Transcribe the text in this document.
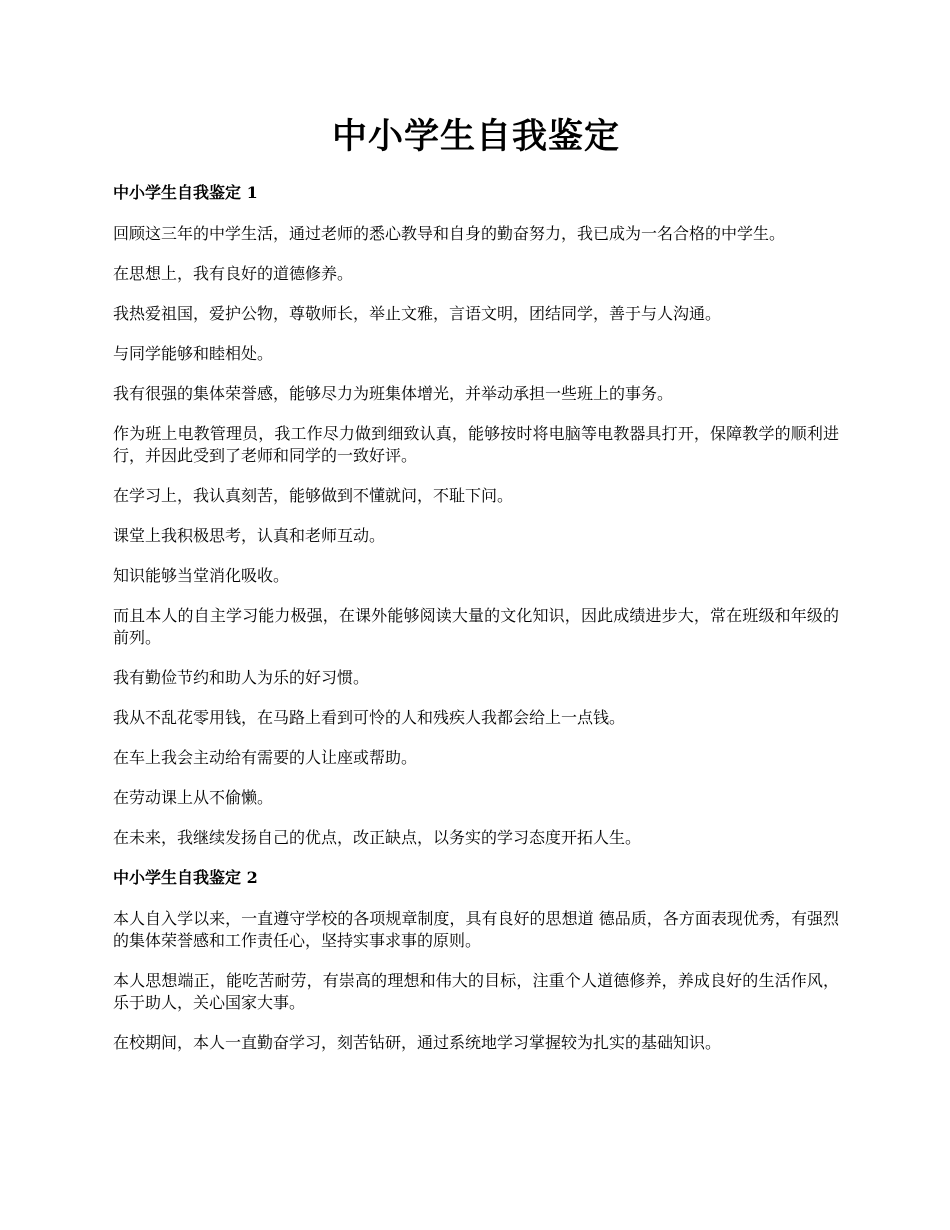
中小学生自我鉴定
中小学生自我鉴定 1

回顾这三年的中学生活，通过老师的悉心教导和自身的勤奋努力，我已成为一名合格的中学生。

在思想上，我有良好的道德修养。

我热爱祖国，爱护公物，尊敬师长，举止文雅，言语文明，团结同学，善于与人沟通。

与同学能够和睦相处。

我有很强的集体荣誉感，能够尽力为班集体增光，并举动承担一些班上的事务。

作为班上电教管理员，我工作尽力做到细致认真，能够按时将电脑等电教器具打开，保障教学的顺利进行，并因此受到了老师和同学的一致好评。

在学习上，我认真刻苦，能够做到不懂就问，不耻下问。

课堂上我积极思考，认真和老师互动。

知识能够当堂消化吸收。

而且本人的自主学习能力极强，在课外能够阅读大量的文化知识，因此成绩进步大，常在班级和年级的前列。

我有勤俭节约和助人为乐的好习惯。

我从不乱花零用钱，在马路上看到可怜的人和残疾人我都会给上一点钱。

在车上我会主动给有需要的人让座或帮助。

在劳动课上从不偷懒。

在未来，我继续发扬自己的优点，改正缺点，以务实的学习态度开拓人生。

中小学生自我鉴定 2

本人自入学以来，一直遵守学校的各项规章制度，具有良好的思想道 德品质，各方面表现优秀，有强烈的集体荣誉感和工作责任心，坚持实事求事的原则。

本人思想端正，能吃苦耐劳，有崇高的理想和伟大的目标，注重个人道德修养，养成良好的生活作风，乐于助人，关心国家大事。

在校期间，本人一直勤奋学习，刻苦钻研，通过系统地学习掌握较为扎实的基础知识。
